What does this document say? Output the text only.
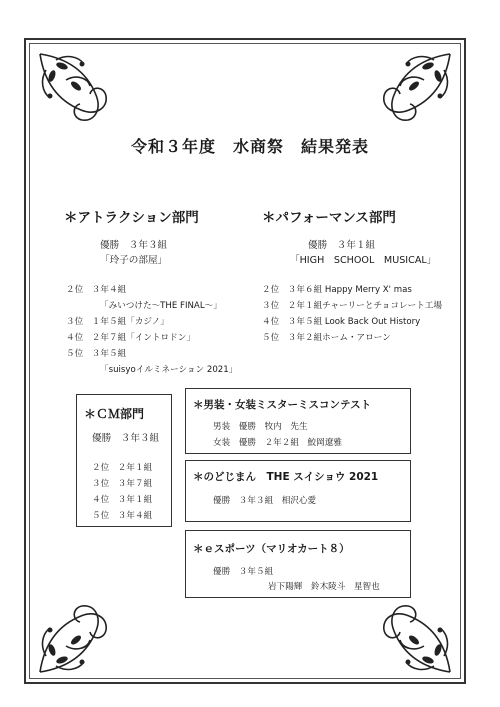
令和３年度　水商祭　結果発表
＊アトラクション部門
優勝　３年３組
「玲子の部屋」
２位　３年４組
「みいつけた～THE FINAL～」
３位　１年５組「カジノ」
４位　２年７組「イントロドン」
５位　３年５組
「suisyoイルミネーション 2021」
＊パフォーマンス部門
優勝　３年１組
「HIGH　SCHOOL　MUSICAL」
２位　３年６組 Happy Merry X' mas
３位　２年１組チャーリーとチョコレート工場
４位　３年５組 Look Back Out History
５位　３年２組ホーム・アローン
＊ＣＭ部門
優勝　３年３組
２位　２年１組
３位　３年７組
４位　３年１組
５位　３年４組
＊男装・女装ミスターミスコンテスト
男装　優勝　牧内　先生
女装　優勝　２年２組　鮫岡遼雅
＊のどじまん　THE スイショウ 2021
優勝　３年３組　相沢心愛
＊ｅスポーツ（マリオカート８）
優勝　３年５組
岩下陽輝　鈴木陵斗　星智也
